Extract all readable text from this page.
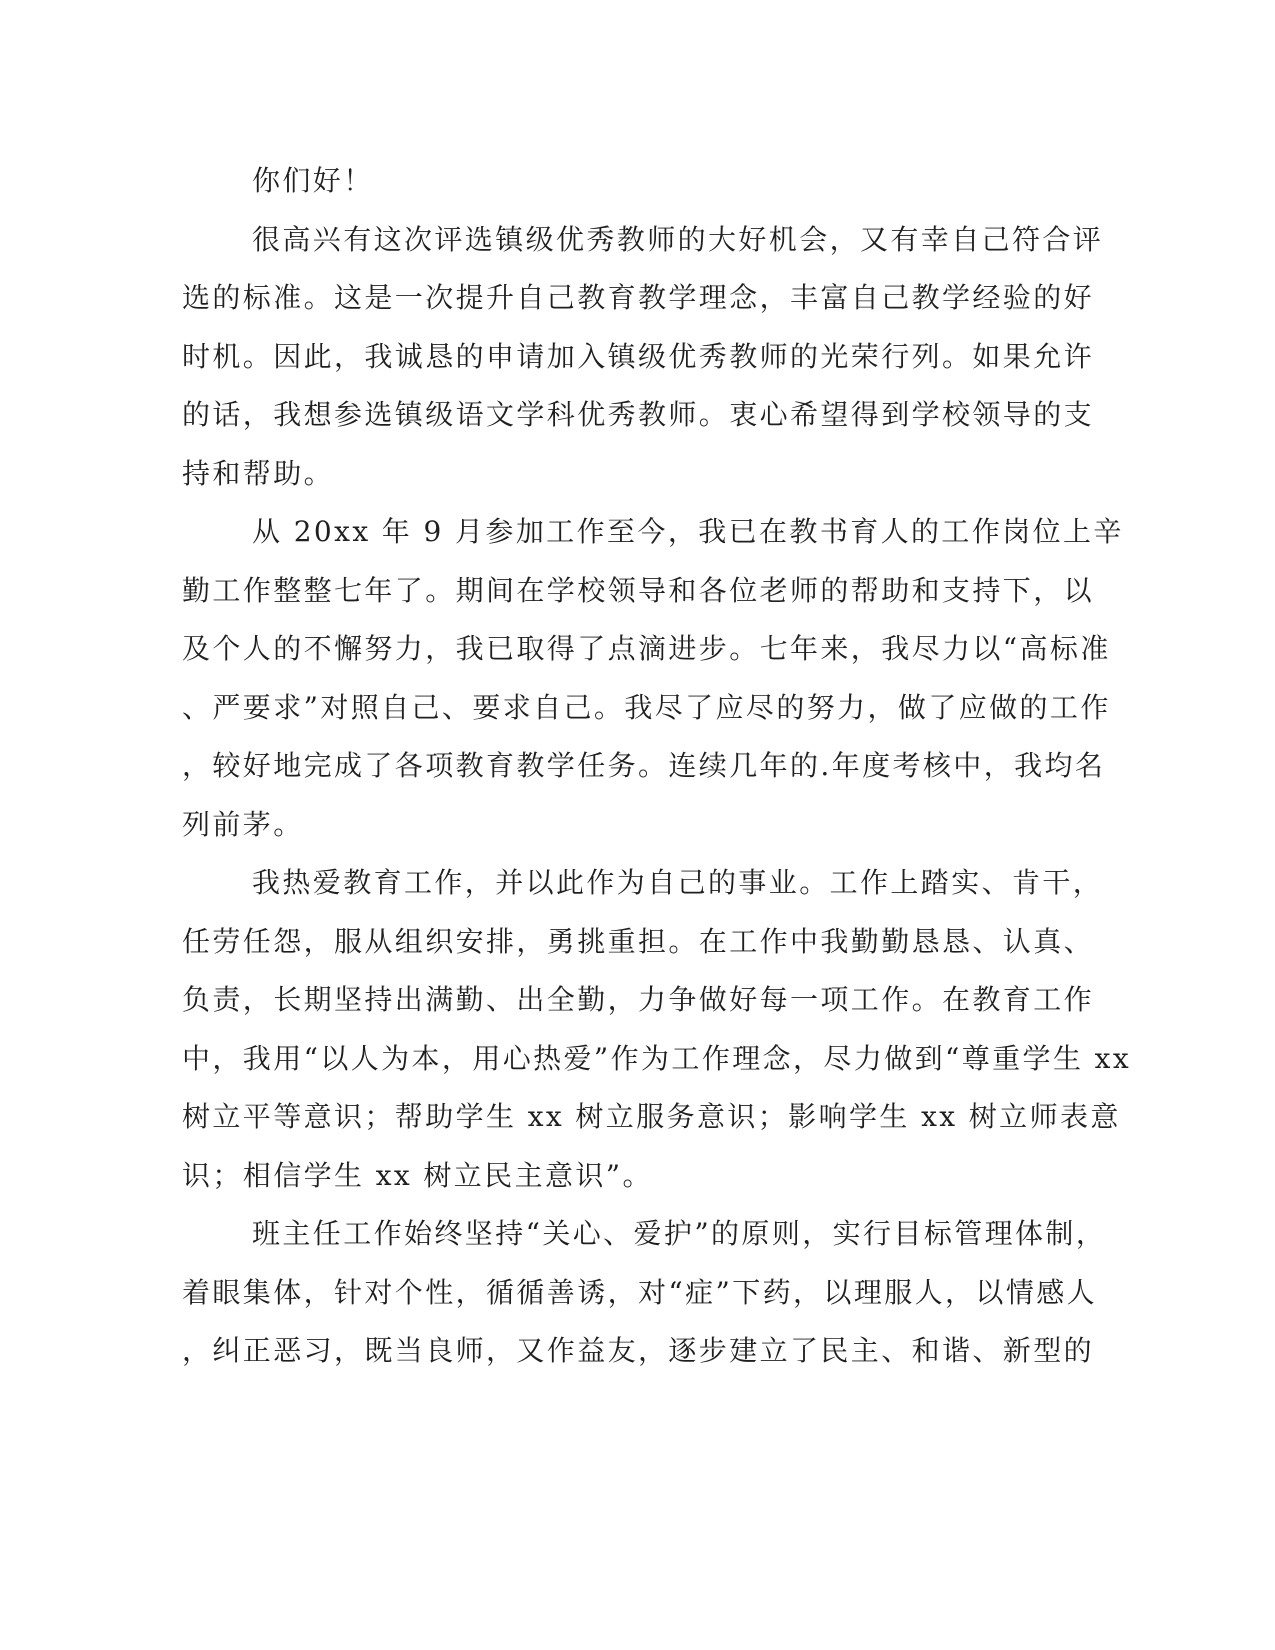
你们好！
很高兴有这次评选镇级优秀教师的大好机会，又有幸自己符合评
选的标准。这是一次提升自己教育教学理念，丰富自己教学经验的好
时机。因此，我诚恳的申请加入镇级优秀教师的光荣行列。如果允许
的话，我想参选镇级语文学科优秀教师。衷心希望得到学校领导的支
持和帮助。
从 20xx 年 9 月参加工作至今，我已在教书育人的工作岗位上辛
勤工作整整七年了。期间在学校领导和各位老师的帮助和支持下，以
及个人的不懈努力，我已取得了点滴进步。七年来，我尽力以“高标准
、严要求”对照自己、要求自己。我尽了应尽的努力，做了应做的工作
，较好地完成了各项教育教学任务。连续几年的.年度考核中，我均名
列前茅。
我热爱教育工作，并以此作为自己的事业。工作上踏实、肯干，
任劳任怨，服从组织安排，勇挑重担。在工作中我勤勤恳恳、认真、
负责，长期坚持出满勤、出全勤，力争做好每一项工作。在教育工作
中，我用“以人为本，用心热爱”作为工作理念，尽力做到“尊重学生 xx
树立平等意识；帮助学生 xx 树立服务意识；影响学生 xx 树立师表意
识；相信学生 xx 树立民主意识”。
班主任工作始终坚持“关心、爱护”的原则，实行目标管理体制，
着眼集体，针对个性，循循善诱，对“症”下药，以理服人，以情感人
，纠正恶习，既当良师，又作益友，逐步建立了民主、和谐、新型的
